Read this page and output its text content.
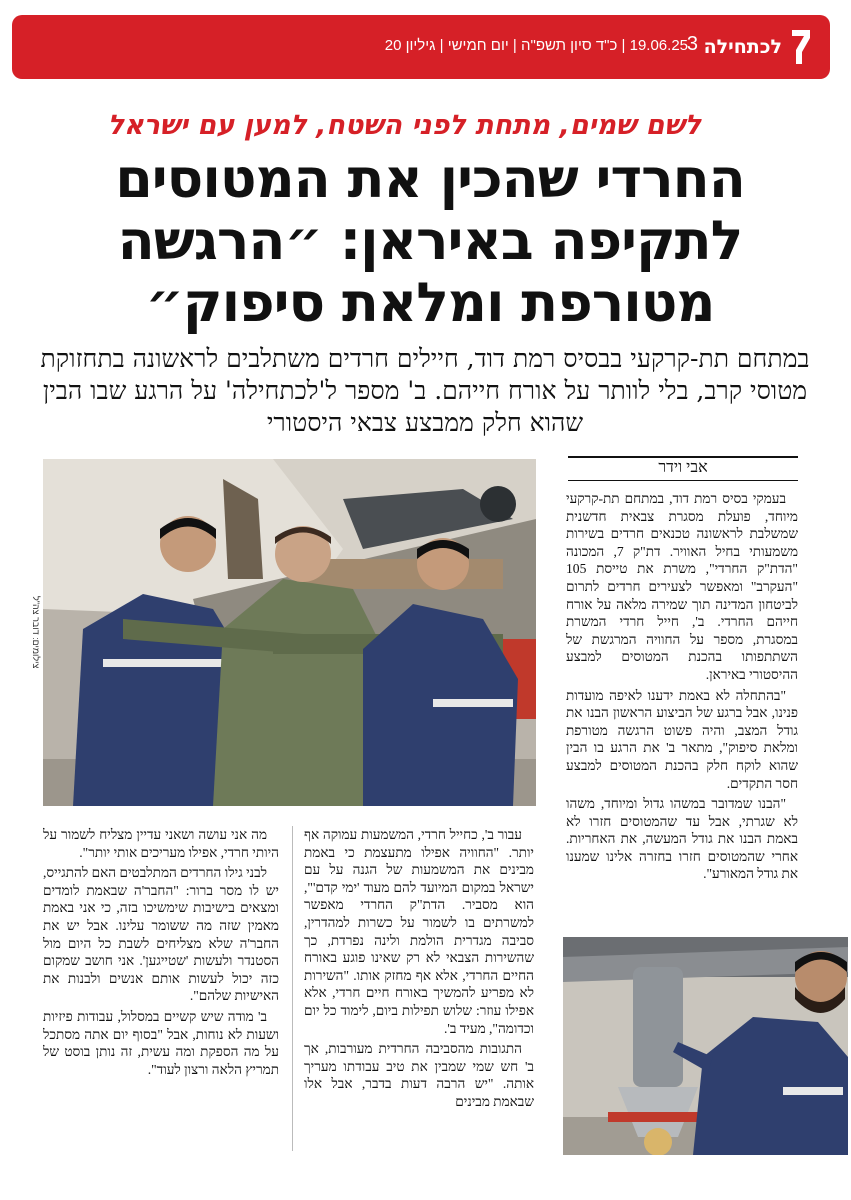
19.06.25 | כ"ד סיון תשפ"ה | יום חמישי | גיליון 20
3 לכתחילה
לשם שמים, מתחת לפני השטח, למען עם ישראל
החרדי שהכין את המטוסים לתקיפה באיראן: ״הרגשה מטורפת ומלאת סיפוק״
במתחם תת-קרקעי בבסיס רמת דוד, חיילים חרדים משתלבים לראשונה בתחזוקת מטוסי קרב, בלי לוותר על אורח חייהם. ב' מספר ל'לכתחילה' על הרגע שבו הבין שהוא חלק ממבצע צבאי היסטורי
צילומים: דובר צה"ל
אבי וידר

בעמקי בסיס רמת דוד, במתחם תת-קרקעי מיוחד, פועלת מסגרת צבאית חדשנית שמשלבת לראשונה טכנאים חרדים בשירות משמעותי בחיל האוויר. דת"ק 7, המכונה "הדת"ק החרדי", משרת את טייסת 105 "העקרב" ומאפשר לצעירים חרדים לתרום לביטחון המדינה תוך שמירה מלאה על אורח חייהם החרדי. ב', חייל חרדי המשרת במסגרת, מספר על החוויה המרגשת של השתתפותו בהכנת המטוסים למבצע ההיסטורי באיראן.

"בהתחלה לא באמת ידענו לאיפה מועדות פנינו, אבל ברגע של הביצוע הראשון הבנו את גודל המצב, והיה פשוט הרגשה מטורפת ומלאת סיפוק", מתאר ב' את הרגע בו הבין שהוא לוקח חלק בהכנת המטוסים למבצע חסר התקדים.

"הבנו שמדובר במשהו גדול ומיוחד, משהו לא שגרתי, אבל עד שהמטוסים חזרו לא באמת הבנו את גודל המעשה, את האחריות. אחרי שהמטוסים חזרו בחזרה אלינו שמענו את גודל המאורע".

עבור ב', כחייל חרדי, המשמעות עמוקה אף יותר. "החוויה אפילו מתעצמת כי באמת מבינים את המשמעות של הגנה על עם ישראל במקום המיועד להם מעוד 'ימי קדם'", הוא מסביר. הדת"ק החרדי מאפשר למשרתים בו לשמור על כשרות למהדרין, סביבה מגדרית הולמת ולינה נפרדת, כך שהשירות הצבאי לא רק שאינו פוגע באורח החיים החרדי, אלא אף מחזק אותו. "השירות לא מפריע להמשיך באורח חיים חרדי, אלא אפילו עוזר: שלוש תפילות ביום, לימוד כל יום וכדומה", מעיד ב'.

התגובות מהסביבה החרדית מעורבות, אך ב' חש שמי שמבין את טיב עבודתו מעריך אותה. "יש הרבה דעות בדבר, אבל אלו שבאמת מבינים

מה אני עושה ושאני עדיין מצליח לשמור על היותי חרדי, אפילו מעריכים אותי יותר".

לבני גילו החרדים המתלבטים האם להתגייס, יש לו מסר ברור: "החבר'ה שבאמת לומדים ומצאים בישיבות שימשיכו בזה, כי אני באמת מאמין שזה מה ששומר עלינו. אבל יש את החבר'ה שלא מצליחים לשבת כל היום מול הסטנדר ולעשות 'שטייגען'. אני חושב שמקום כזה יכול לעשות אותם אנשים ולבנות את האישיות שלהם".

ב' מודה שיש קשיים במסלול, עבודות פיזיות ושעות לא נוחות, אבל "בסוף יום אתה מסתכל על מה הספקת ומה עשית, זה נותן בוסט של תמריץ הלאה ורצון לעוד".
